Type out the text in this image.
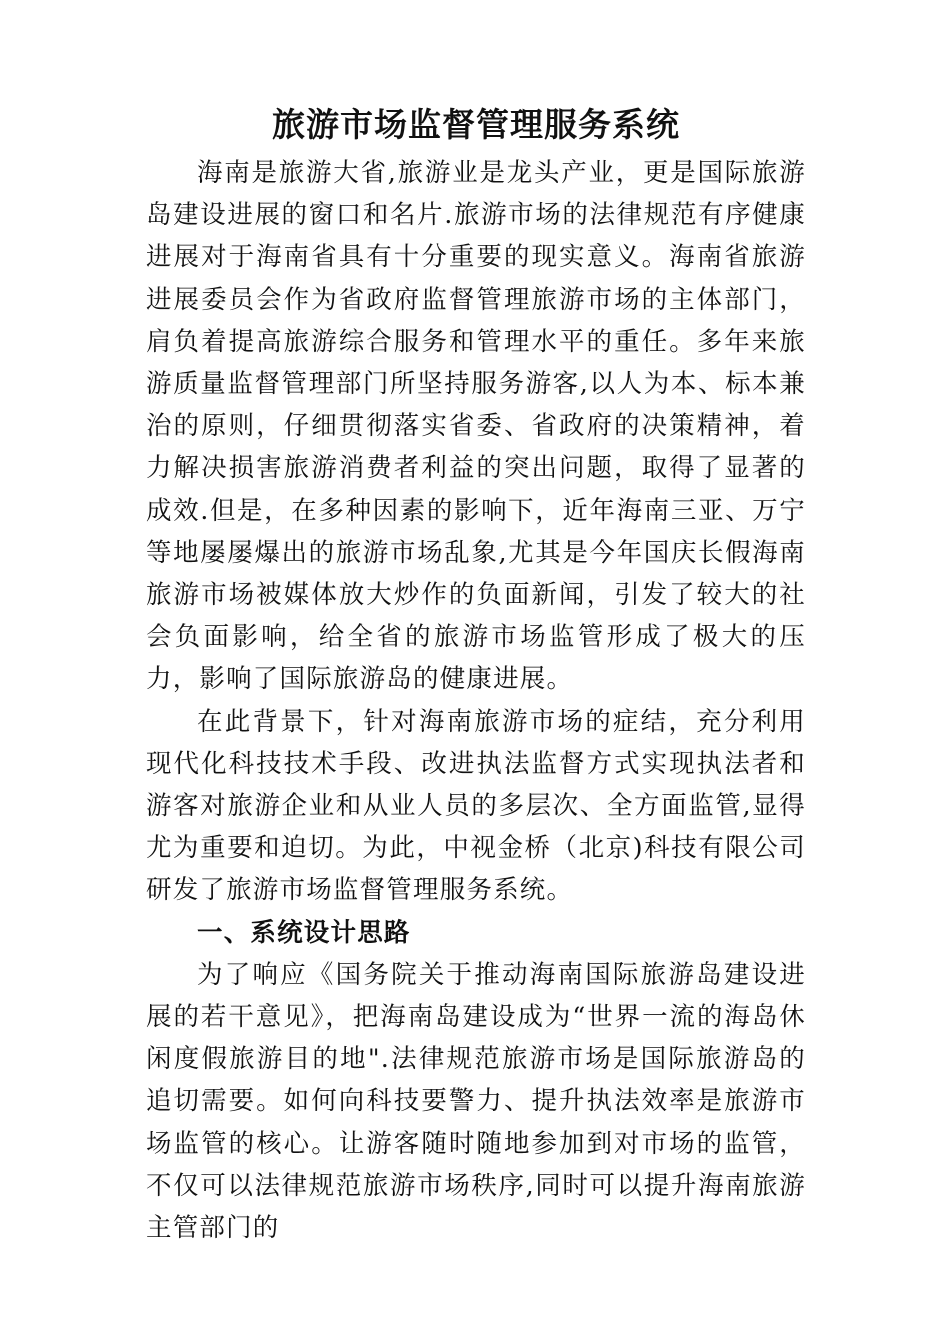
旅游市场监督管理服务系统

海南是旅游大省,旅游业是龙头产业，更是国际旅游岛建设进展的窗口和名片.旅游市场的法律规范有序健康进展对于海南省具有十分重要的现实意义。海南省旅游进展委员会作为省政府监督管理旅游市场的主体部门，肩负着提高旅游综合服务和管理水平的重任。多年来旅游质量监督管理部门所坚持服务游客,以人为本、标本兼治的原则，仔细贯彻落实省委、省政府的决策精神，着力解决损害旅游消费者利益的突出问题，取得了显著的成效.但是，在多种因素的影响下，近年海南三亚、万宁等地屡屡爆出的旅游市场乱象,尤其是今年国庆长假海南旅游市场被媒体放大炒作的负面新闻，引发了较大的社会负面影响，给全省的旅游市场监管形成了极大的压力，影响了国际旅游岛的健康进展。

在此背景下，针对海南旅游市场的症结，充分利用现代化科技技术手段、改进执法监督方式实现执法者和游客对旅游企业和从业人员的多层次、全方面监管,显得尤为重要和迫切。为此，中视金桥（北京)科技有限公司研发了旅游市场监督管理服务系统。

一、系统设计思路

为了响应《国务院关于推动海南国际旅游岛建设进展的若干意见》，把海南岛建设成为“世界一流的海岛休闲度假旅游目的地".法律规范旅游市场是国际旅游岛的追切需要。如何向科技要警力、提升执法效率是旅游市场监管的核心。让游客随时随地参加到对市场的监管，不仅可以法律规范旅游市场秩序,同时可以提升海南旅游主管部门的
